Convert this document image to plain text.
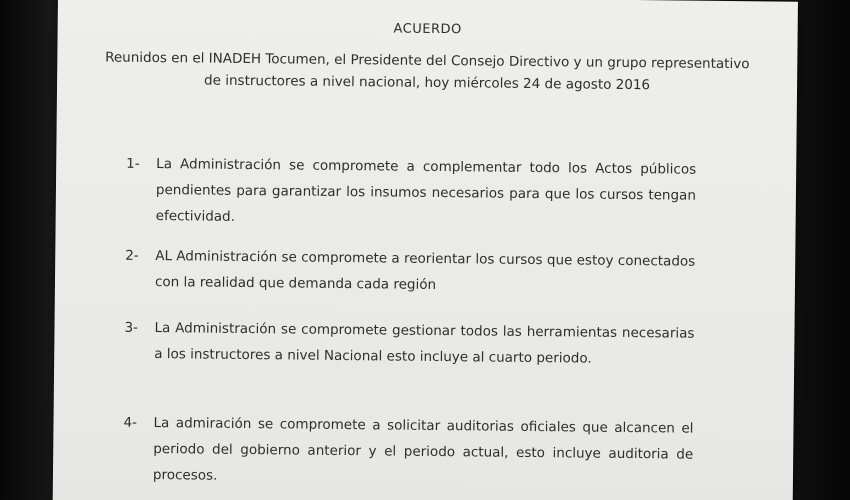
ACUERDO
Reunidos en el INADEH Tocumen, el Presidente del Consejo Directivo y un grupo representativo de instructores a nivel nacional, hoy miércoles 24 de agosto 2016
1-	La Administración se compromete a complementar todo los Actos públicos pendientes para garantizar los insumos necesarios para que los cursos tengan efectividad.
2-	AL Administración se compromete a reorientar los cursos que estoy conectados con la realidad que demanda cada región
3-	La Administración se compromete gestionar todos las herramientas necesarias a los instructores a nivel Nacional esto incluye al cuarto periodo.
4-	La admiración se compromete a solicitar auditorias oficiales que alcancen el periodo del gobierno anterior y el periodo actual, esto incluye auditoria de procesos.
